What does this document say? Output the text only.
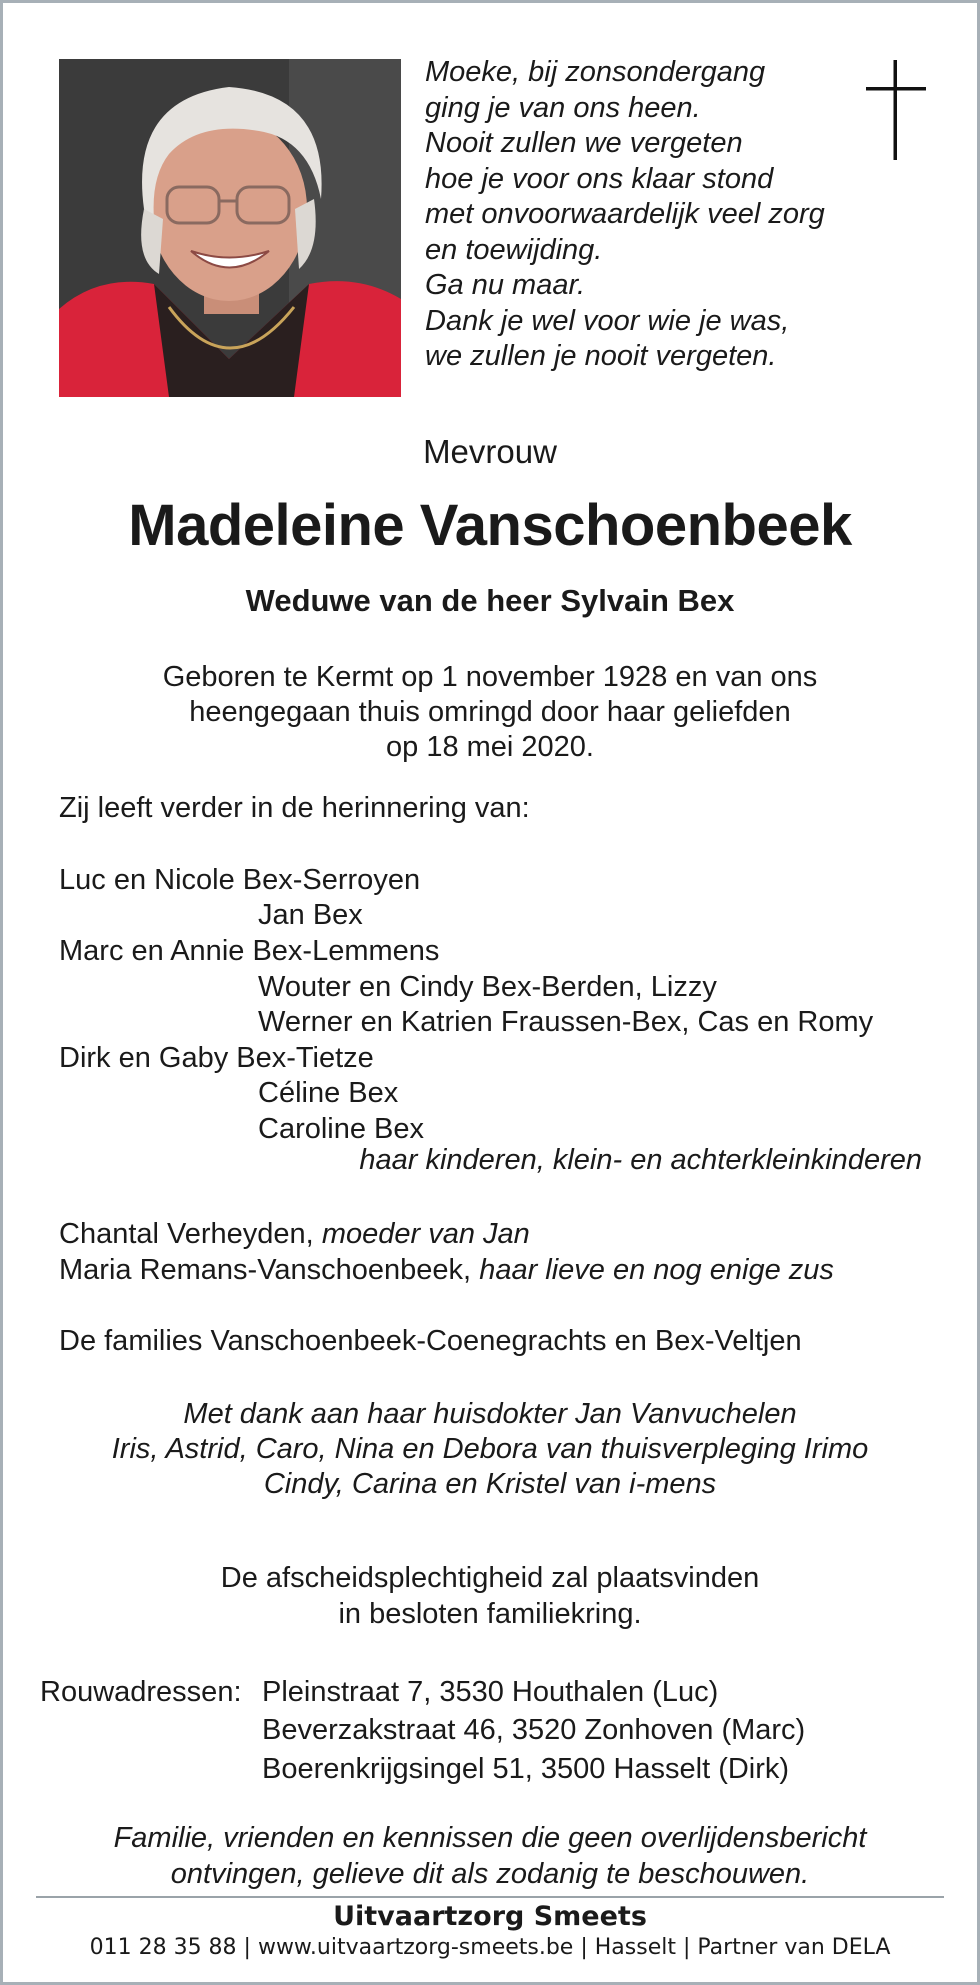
Moeke, bij zonsondergang
ging je van ons heen.
Nooit zullen we vergeten
hoe je voor ons klaar stond
met onvoorwaardelijk veel zorg
en toewijding.
Ga nu maar.
Dank je wel voor wie je was,
we zullen je nooit vergeten.
Mevrouw
Madeleine Vanschoenbeek
Weduwe van de heer Sylvain Bex
Geboren te Kermt op 1 november 1928 en van ons
heengegaan thuis omringd door haar geliefden
op 18 mei 2020.
Zij leeft verder in de herinnering van:
Luc en Nicole Bex-Serroyen
Jan Bex
Marc en Annie Bex-Lemmens
Wouter en Cindy Bex-Berden, Lizzy
Werner en Katrien Fraussen-Bex, Cas en Romy
Dirk en Gaby Bex-Tietze
Céline Bex
Caroline Bex
haar kinderen, klein- en achterkleinkinderen
Chantal Verheyden, moeder van Jan
Maria Remans-Vanschoenbeek, haar lieve en nog enige zus
De families Vanschoenbeek-Coenegrachts en Bex-Veltjen
Met dank aan haar huisdokter Jan Vanvuchelen
Iris, Astrid, Caro, Nina en Debora van thuisverpleging Irimo
Cindy, Carina en Kristel van i-mens
De afscheidsplechtigheid zal plaatsvinden
in besloten familiekring.
Rouwadressen: Pleinstraat 7, 3530 Houthalen (Luc)
Beverzakstraat 46, 3520 Zonhoven (Marc)
Boerenkrijgsingel 51, 3500 Hasselt (Dirk)
Familie, vrienden en kennissen die geen overlijdensbericht
ontvingen, gelieve dit als zodanig te beschouwen.
Uitvaartzorg Smeets
011 28 35 88 | www.uitvaartzorg-smeets.be | Hasselt | Partner van DELA
